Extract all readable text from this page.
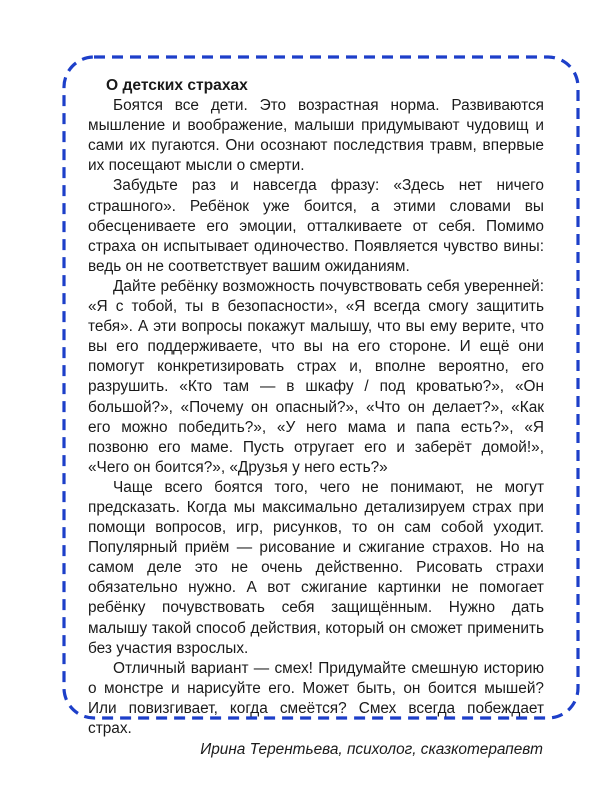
О детских страхах

Боятся все дети. Это возрастная норма. Развиваются мышление и воображение, малыши придумывают чудовищ и сами их пугаются. Они осознают последствия травм, впервые их посещают мысли о смерти.

Забудьте раз и навсегда фразу: «Здесь нет ничего страшного». Ребёнок уже боится, а этими словами вы обесцениваете его эмоции, отталкиваете от себя. Помимо страха он испытывает одиночество. Появляется чувство вины: ведь он не соответствует вашим ожиданиям.

Дайте ребёнку возможность почувствовать себя уверенней: «Я с тобой, ты в безопасности», «Я всегда смогу защитить тебя». А эти вопросы покажут малышу, что вы ему верите, что вы его поддерживаете, что вы на его стороне. И ещё они помогут конкретизировать страх и, вполне вероятно, его разрушить. «Кто там — в шкафу / под кроватью?», «Он большой?», «Почему он опасный?», «Что он делает?», «Как его можно победить?», «У него мама и папа есть?», «Я позвоню его маме. Пусть отругает его и заберёт домой!», «Чего он боится?», «Друзья у него есть?»

Чаще всего боятся того, чего не понимают, не могут предсказать. Когда мы максимально детализируем страх при помощи вопросов, игр, рисунков, то он сам собой уходит. Популярный приём — рисование и сжигание страхов. Но на самом деле это не очень действенно. Рисовать страхи обязательно нужно. А вот сжигание картинки не помогает ребёнку почувствовать себя защищённым. Нужно дать малышу такой способ действия, который он сможет применить без участия взрослых.

Отличный вариант — смех! Придумайте смешную историю о монстре и нарисуйте его. Может быть, он боится мышей? Или повизгивает, когда смеётся? Смех всегда побеждает страх.

Ирина Терентьева, психолог, сказкотерапевт
